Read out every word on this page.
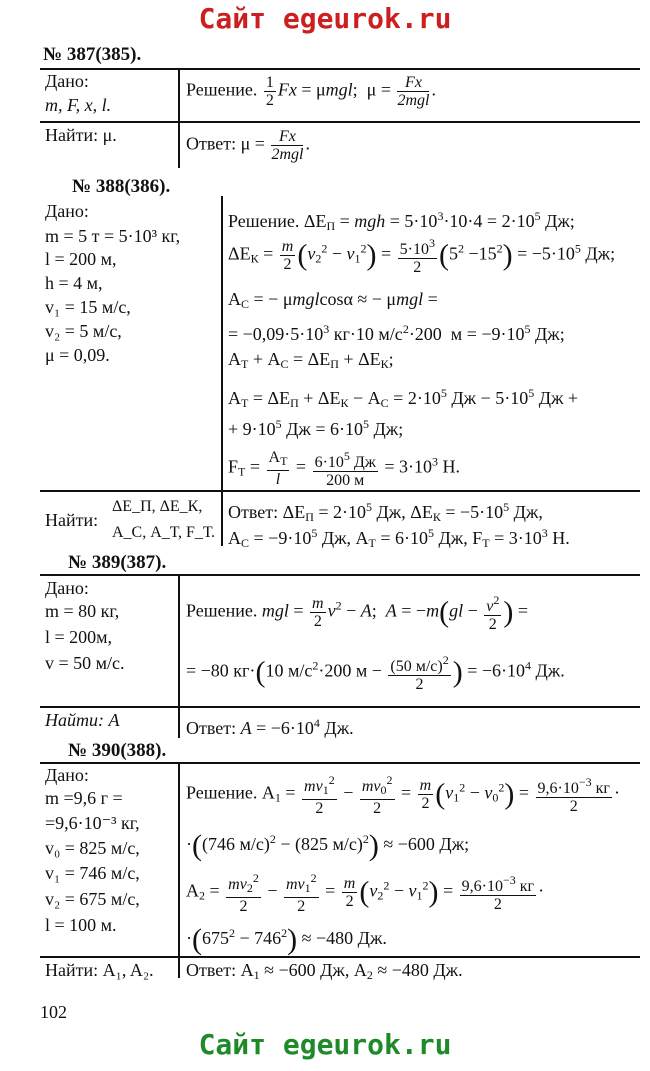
Сайт egeurok.ru
№ 387(385).
Дано:
m, F, x, l.
Решение. $\frac{1}{2}$ Fx = μmgl;  $\mu = \frac{Fx}{\text{2mgl}}$ .
Найти: μ.	Ответ: $\mu = \frac{Fx}{\text{2mgl}}$ .
№ 388(386).
Дано:
m = 5 т = 5·10³ кг,
l = 200 м,
h = 4 м,
v₁ = 15 м/с,
v₂ = 5 м/с,
μ = 0,09.
Решение. $\Delta E_П$ = mgh = $5\cdot 10^3\cdot 10\cdot 4 = 2\cdot 10^5$ Дж;
$\Delta E_К = \frac{m}{2} (v_2^2 - v_1^2) = \frac{5\cdot 10^3}{2} (5^2 -15^2) = -5\cdot 10^5$ Дж;
$A_С$ = − μmglcosα ≈ − μmgl =
= $-0,09\cdot 5\cdot 10^3$ кг·10 $м/с^2\cdot 200$  $м = -9\cdot 10^5$ Дж;
$A_Т + A_С = \Delta E_П + \Delta E_К$;
$A_Т = \Delta E_П + \Delta E_К - A_С = 2\cdot 10^5$ Дж − $5\cdot 10^5$ Дж +
+ $9\cdot 10^5$ Дж = $6\cdot 10^5$ Дж;
$F_Т = \frac{A_Т}{l} = \frac{6\cdot 10^5 Дж}{200 м} = 3\cdot 10^3$ Н.
Найти:
ΔE_П, ΔE_К,
A_С, A_Т, F_Т.
Ответ: $\Delta E_П = 2\cdot 10^5$ Дж, $\Delta E_К = -5\cdot 10^5$ Дж,
$A_С = -9\cdot 10^5$ Дж, $A_Т = 6\cdot 10^5$ Дж, $F_Т = 3\cdot 10^3$ Н.
№ 389(387).
Дано:
m = 80 кг,
l = 200м,
v = 50 м/с.
Решение. mgl = $\frac{m}{2} v^2 - A$;  $A = -m(gl - \frac{v^2}{2}$ ) =
= −80 кг·(10 $м/с^2\cdot 200$ $м - \frac{(50 м/с)^2}{2}$ ) = $-6\cdot 10^4$ Дж.
Найти: A	Ответ: $A = -6\cdot 10^4$ Дж.
№ 390(388).
Дано:
m =9,6 г =
=9,6·10⁻³ кг,
v₀ = 825 м/с,
v₁ = 746 м/с,
v₂ = 675 м/с,
l = 100 м.
Решение. $A_1 = \frac{mv_1^2}{2} - \frac{mv_0^2}{2} = \frac{m}{2} (v_1^2 - v_0^2) = \frac{9,6\cdot 10^{-3} кг}{2}$ ·
·((746 м/с)$^2$ − (825 м/с)$^2$) ≈ −600 Дж;
$A_2 = \frac{mv_2^2}{2} - \frac{mv_1^2}{2} = \frac{m}{2} (v_2^2 - v_1^2) = \frac{9,6\cdot 10^{-3} кг}{2}$ ·
$\cdot(675^2 - 746^2) \approx -480$ Дж.
Найти: A₁, A₂. Ответ: $A_1 \approx -600$ Дж, $A_2 \approx -480$ Дж.
102
Сайт egeurok.ru
